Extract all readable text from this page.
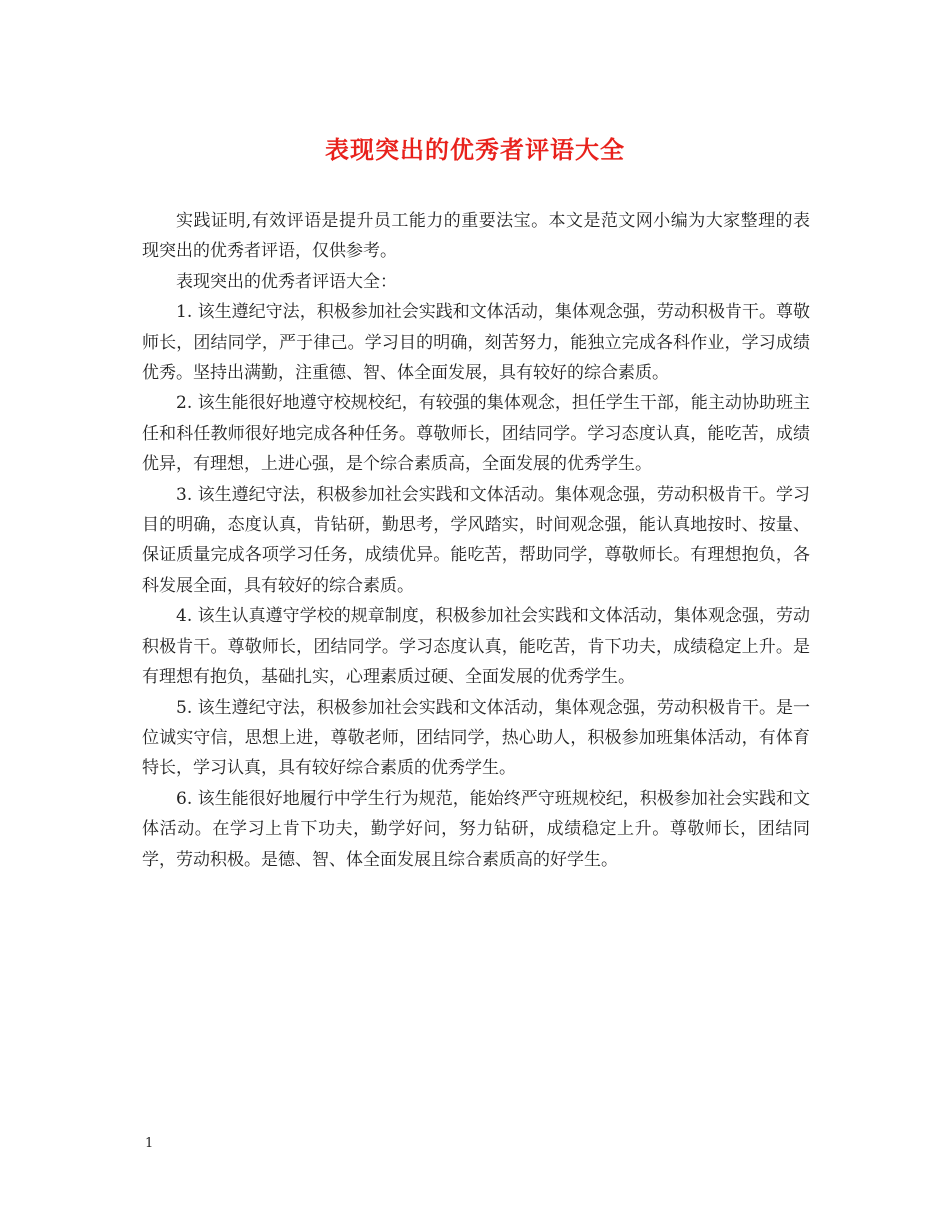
表现突出的优秀者评语大全

实践证明,有效评语是提升员工能力的重要法宝。本文是范文网小编为大家整理的表现突出的优秀者评语，仅供参考。

表现突出的优秀者评语大全：

1. 该生遵纪守法，积极参加社会实践和文体活动，集体观念强，劳动积极肯干。尊敬师长，团结同学，严于律己。学习目的明确，刻苦努力，能独立完成各科作业，学习成绩优秀。坚持出满勤，注重德、智、体全面发展，具有较好的综合素质。

2. 该生能很好地遵守校规校纪，有较强的集体观念，担任学生干部，能主动协助班主任和科任教师很好地完成各种任务。尊敬师长，团结同学。学习态度认真，能吃苦，成绩优异，有理想，上进心强，是个综合素质高，全面发展的优秀学生。

3. 该生遵纪守法，积极参加社会实践和文体活动。集体观念强，劳动积极肯干。学习目的明确，态度认真，肯钻研，勤思考，学风踏实，时间观念强，能认真地按时、按量、保证质量完成各项学习任务，成绩优异。能吃苦，帮助同学，尊敬师长。有理想抱负，各科发展全面，具有较好的综合素质。

4. 该生认真遵守学校的规章制度，积极参加社会实践和文体活动，集体观念强，劳动积极肯干。尊敬师长，团结同学。学习态度认真，能吃苦，肯下功夫，成绩稳定上升。是有理想有抱负，基础扎实，心理素质过硬、全面发展的优秀学生。

5. 该生遵纪守法，积极参加社会实践和文体活动，集体观念强，劳动积极肯干。是一位诚实守信，思想上进，尊敬老师，团结同学，热心助人，积极参加班集体活动，有体育特长，学习认真，具有较好综合素质的优秀学生。

6. 该生能很好地履行中学生行为规范，能始终严守班规校纪，积极参加社会实践和文体活动。在学习上肯下功夫，勤学好问，努力钻研，成绩稳定上升。尊敬师长，团结同学，劳动积极。是德、智、体全面发展且综合素质高的好学生。

1
